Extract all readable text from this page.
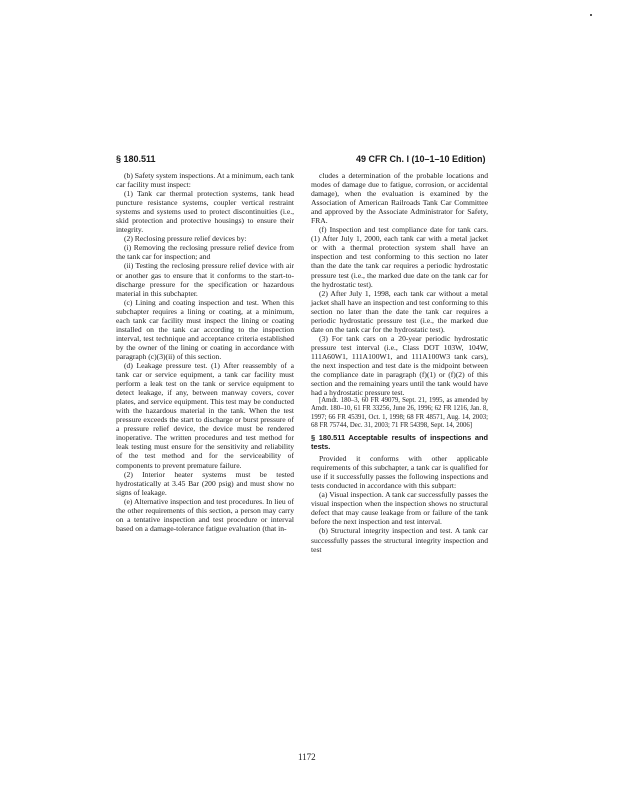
§ 180.511	49 CFR Ch. I (10–1–10 Edition)

(b) Safety system inspections. At a minimum, each tank car facility must inspect:

(1) Tank car thermal protection systems, tank head puncture resistance systems, coupler vertical restraint systems and systems used to protect discontinuities (i.e., skid protection and protective housings) to ensure their integrity.

(2) Reclosing pressure relief devices by:

(i) Removing the reclosing pressure relief device from the tank car for inspection; and

(ii) Testing the reclosing pressure relief device with air or another gas to ensure that it conforms to the start-to-discharge pressure for the specification or hazardous material in this subchapter.

(c) Lining and coating inspection and test. When this subchapter requires a lining or coating, at a minimum, each tank car facility must inspect the lining or coating installed on the tank car according to the inspection interval, test technique and acceptance criteria established by the owner of the lining or coating in accordance with paragraph (c)(3)(ii) of this section.

(d) Leakage pressure test. (1) After reassembly of a tank car or service equipment, a tank car facility must perform a leak test on the tank or service equipment to detect leakage, if any, between manway covers, cover plates, and service equipment. This test may be conducted with the hazardous material in the tank. When the test pressure exceeds the start to discharge or burst pressure of a pressure relief device, the device must be rendered inoperative. The written procedures and test method for leak testing must ensure for the sensitivity and reliability of the test method and for the serviceability of components to prevent premature failure.

(2) Interior heater systems must be tested hydrostatically at 3.45 Bar (200 psig) and must show no signs of leakage.

(e) Alternative inspection and test procedures. In lieu of the other requirements of this section, a person may carry on a tentative inspection and test procedure or interval based on a damage-tolerance fatigue evaluation (that in-

cludes a determination of the probable locations and modes of damage due to fatigue, corrosion, or accidental damage), when the evaluation is examined by the Association of American Railroads Tank Car Committee and approved by the Associate Administrator for Safety, FRA.

(f) Inspection and test compliance date for tank cars. (1) After July 1, 2000, each tank car with a metal jacket or with a thermal protection system shall have an inspection and test conforming to this section no later than the date the tank car requires a periodic hydrostatic pressure test (i.e., the marked due date on the tank car for the hydrostatic test).

(2) After July 1, 1998, each tank car without a metal jacket shall have an inspection and test conforming to this section no later than the date the tank car requires a periodic hydrostatic pressure test (i.e., the marked due date on the tank car for the hydrostatic test).

(3) For tank cars on a 20-year periodic hydrostatic pressure test interval (i.e., Class DOT 103W, 104W, 111A60W1, 111A100W1, and 111A100W3 tank cars), the next inspection and test date is the midpoint between the compliance date in paragraph (f)(1) or (f)(2) of this section and the remaining years until the tank would have had a hydrostatic pressure test.

[Amdt. 180–3, 60 FR 49079, Sept. 21, 1995, as amended by Amdt. 180–10, 61 FR 33256, June 26, 1996; 62 FR 1216, Jan. 8, 1997; 66 FR 45391, Oct. 1, 1998; 68 FR 48571, Aug. 14, 2003; 68 FR 75744, Dec. 31, 2003; 71 FR 54398, Sept. 14, 2006]

§ 180.511 Acceptable results of inspections and tests.

Provided it conforms with other applicable requirements of this subchapter, a tank car is qualified for use if it successfully passes the following inspections and tests conducted in accordance with this subpart:

(a) Visual inspection. A tank car successfully passes the visual inspection when the inspection shows no structural defect that may cause leakage from or failure of the tank before the next inspection and test interval.

(b) Structural integrity inspection and test. A tank car successfully passes the structural integrity inspection and test

1172
